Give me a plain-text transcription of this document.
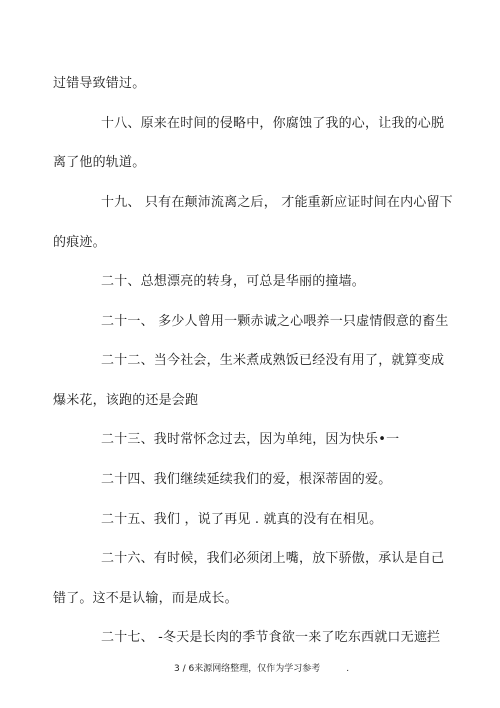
过错导致错过。
十八、原来在时间的侵略中，你腐蚀了我的心，让我的心脱
离了他的轨道。
十九、 只有在颠沛流离之后， 才能重新应证时间在内心留下
的痕迹。
二十、总想漂亮的转身，可总是华丽的撞墙。
二十一、 多少人曾用一颗赤诚之心喂养一只虚情假意的畜生
二十二、当今社会，生米煮成熟饭已经没有用了，就算变成
爆米花，该跑的还是会跑
二十三、我时常怀念过去，因为单纯，因为快乐•一
二十四、我们继续延续我们的爱，根深蒂固的爱。
二十五、我们 ，说了再见 . 就真的没有在相见。
二十六、有时候，我们必须闭上嘴，放下骄傲，承认是自己
错了。这不是认输，而是成长。
二十七、 -冬天是长肉的季节食欲一来了吃东西就口无遮拦
3 / 6来源网络整理，仅作为学习参考	.
